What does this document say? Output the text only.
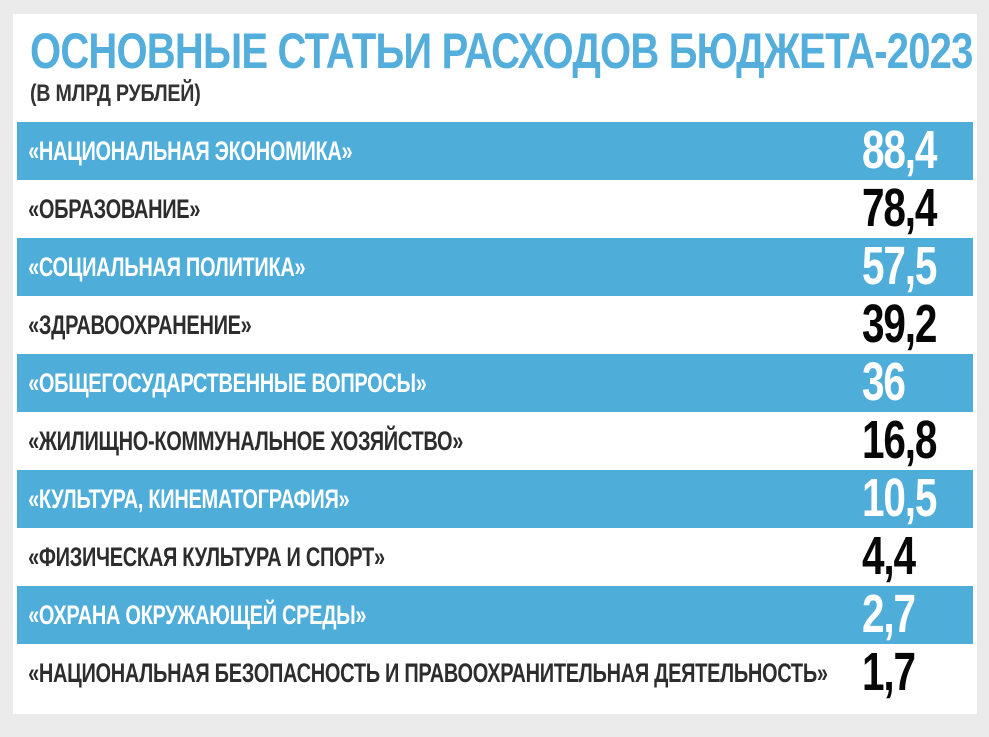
ОСНОВНЫЕ СТАТЬИ РАСХОДОВ БЮДЖЕТА-2023
(В МЛРД РУБЛЕЙ)
«НАЦИОНАЛЬНАЯ ЭКОНОМИКА»	88,4
«ОБРАЗОВАНИЕ»	78,4
«СОЦИАЛЬНАЯ ПОЛИТИКА»	57,5
«ЗДРАВООХРАНЕНИЕ»	39,2
«ОБЩЕГОСУДАРСТВЕННЫЕ ВОПРОСЫ»	36
«ЖИЛИЩНО-КОММУНАЛЬНОЕ ХОЗЯЙСТВО»	16,8
«КУЛЬТУРА, КИНЕМАТОГРАФИЯ»	10,5
«ФИЗИЧЕСКАЯ КУЛЬТУРА И СПОРТ»	4,4
«ОХРАНА ОКРУЖАЮЩЕЙ СРЕДЫ»	2,7
«НАЦИОНАЛЬНАЯ БЕЗОПАСНОСТЬ И ПРАВООХРАНИТЕЛЬНАЯ ДЕЯТЕЛЬНОСТЬ» 1,7
